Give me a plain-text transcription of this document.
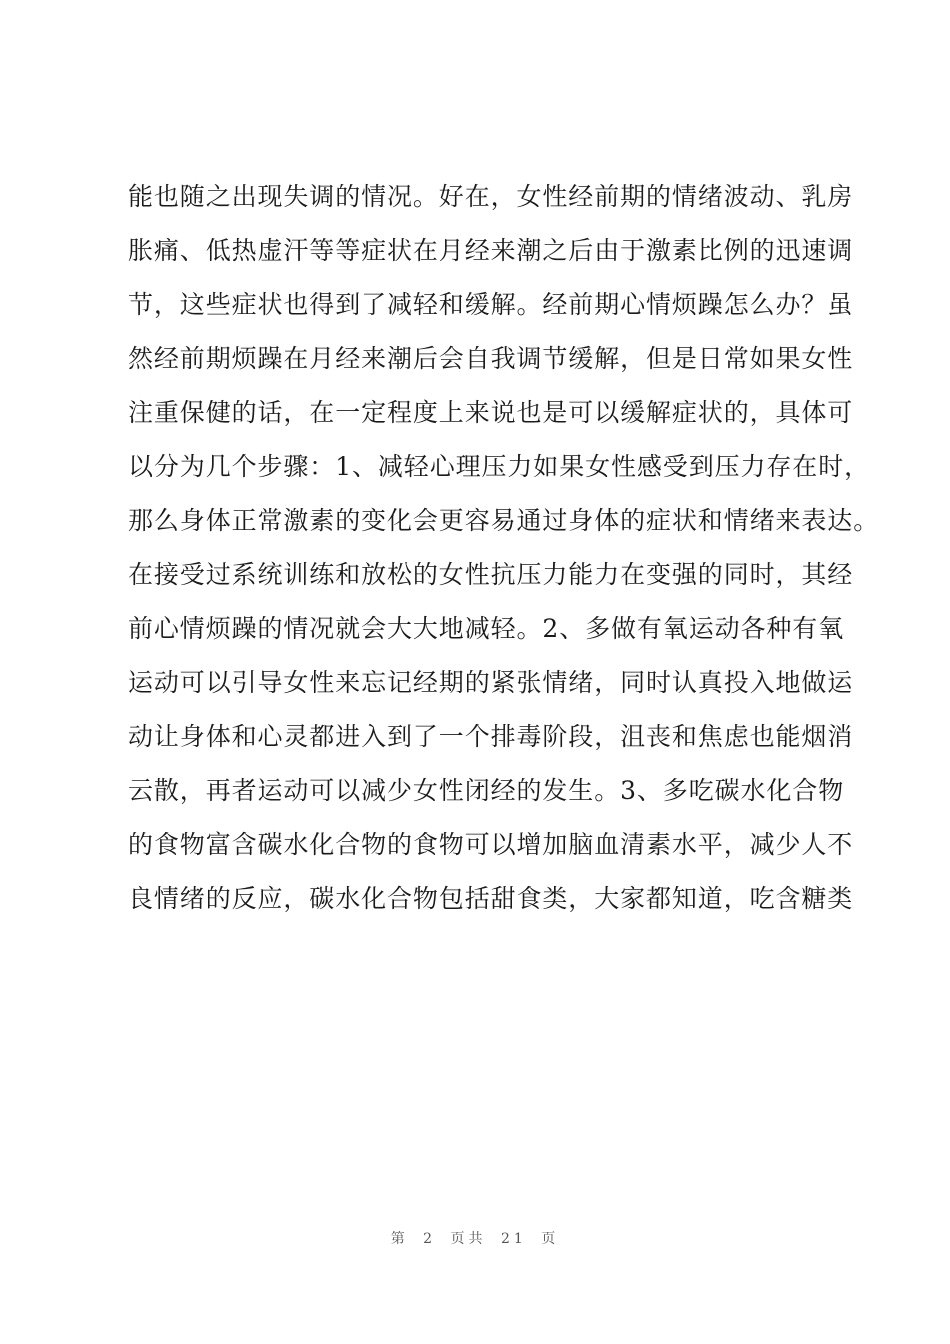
能也随之出现失调的情况。好在，女性经前期的情绪波动、乳房
胀痛、低热虚汗等等症状在月经来潮之后由于激素比例的迅速调
节，这些症状也得到了减轻和缓解。经前期心情烦躁怎么办？虽
然经前期烦躁在月经来潮后会自我调节缓解，但是日常如果女性
注重保健的话，在一定程度上来说也是可以缓解症状的，具体可
以分为几个步骤：1、减轻心理压力如果女性感受到压力存在时，
那么身体正常激素的变化会更容易通过身体的症状和情绪来表达。
在接受过系统训练和放松的女性抗压力能力在变强的同时，其经
前心情烦躁的情况就会大大地减轻。2、多做有氧运动各种有氧
运动可以引导女性来忘记经期的紧张情绪，同时认真投入地做运
动让身体和心灵都进入到了一个排毒阶段，沮丧和焦虑也能烟消
云散，再者运动可以减少女性闭经的发生。3、多吃碳水化合物
的食物富含碳水化合物的食物可以增加脑血清素水平，减少人不
良情绪的反应，碳水化合物包括甜食类，大家都知道，吃含糖类
第 2 页共 21 页
